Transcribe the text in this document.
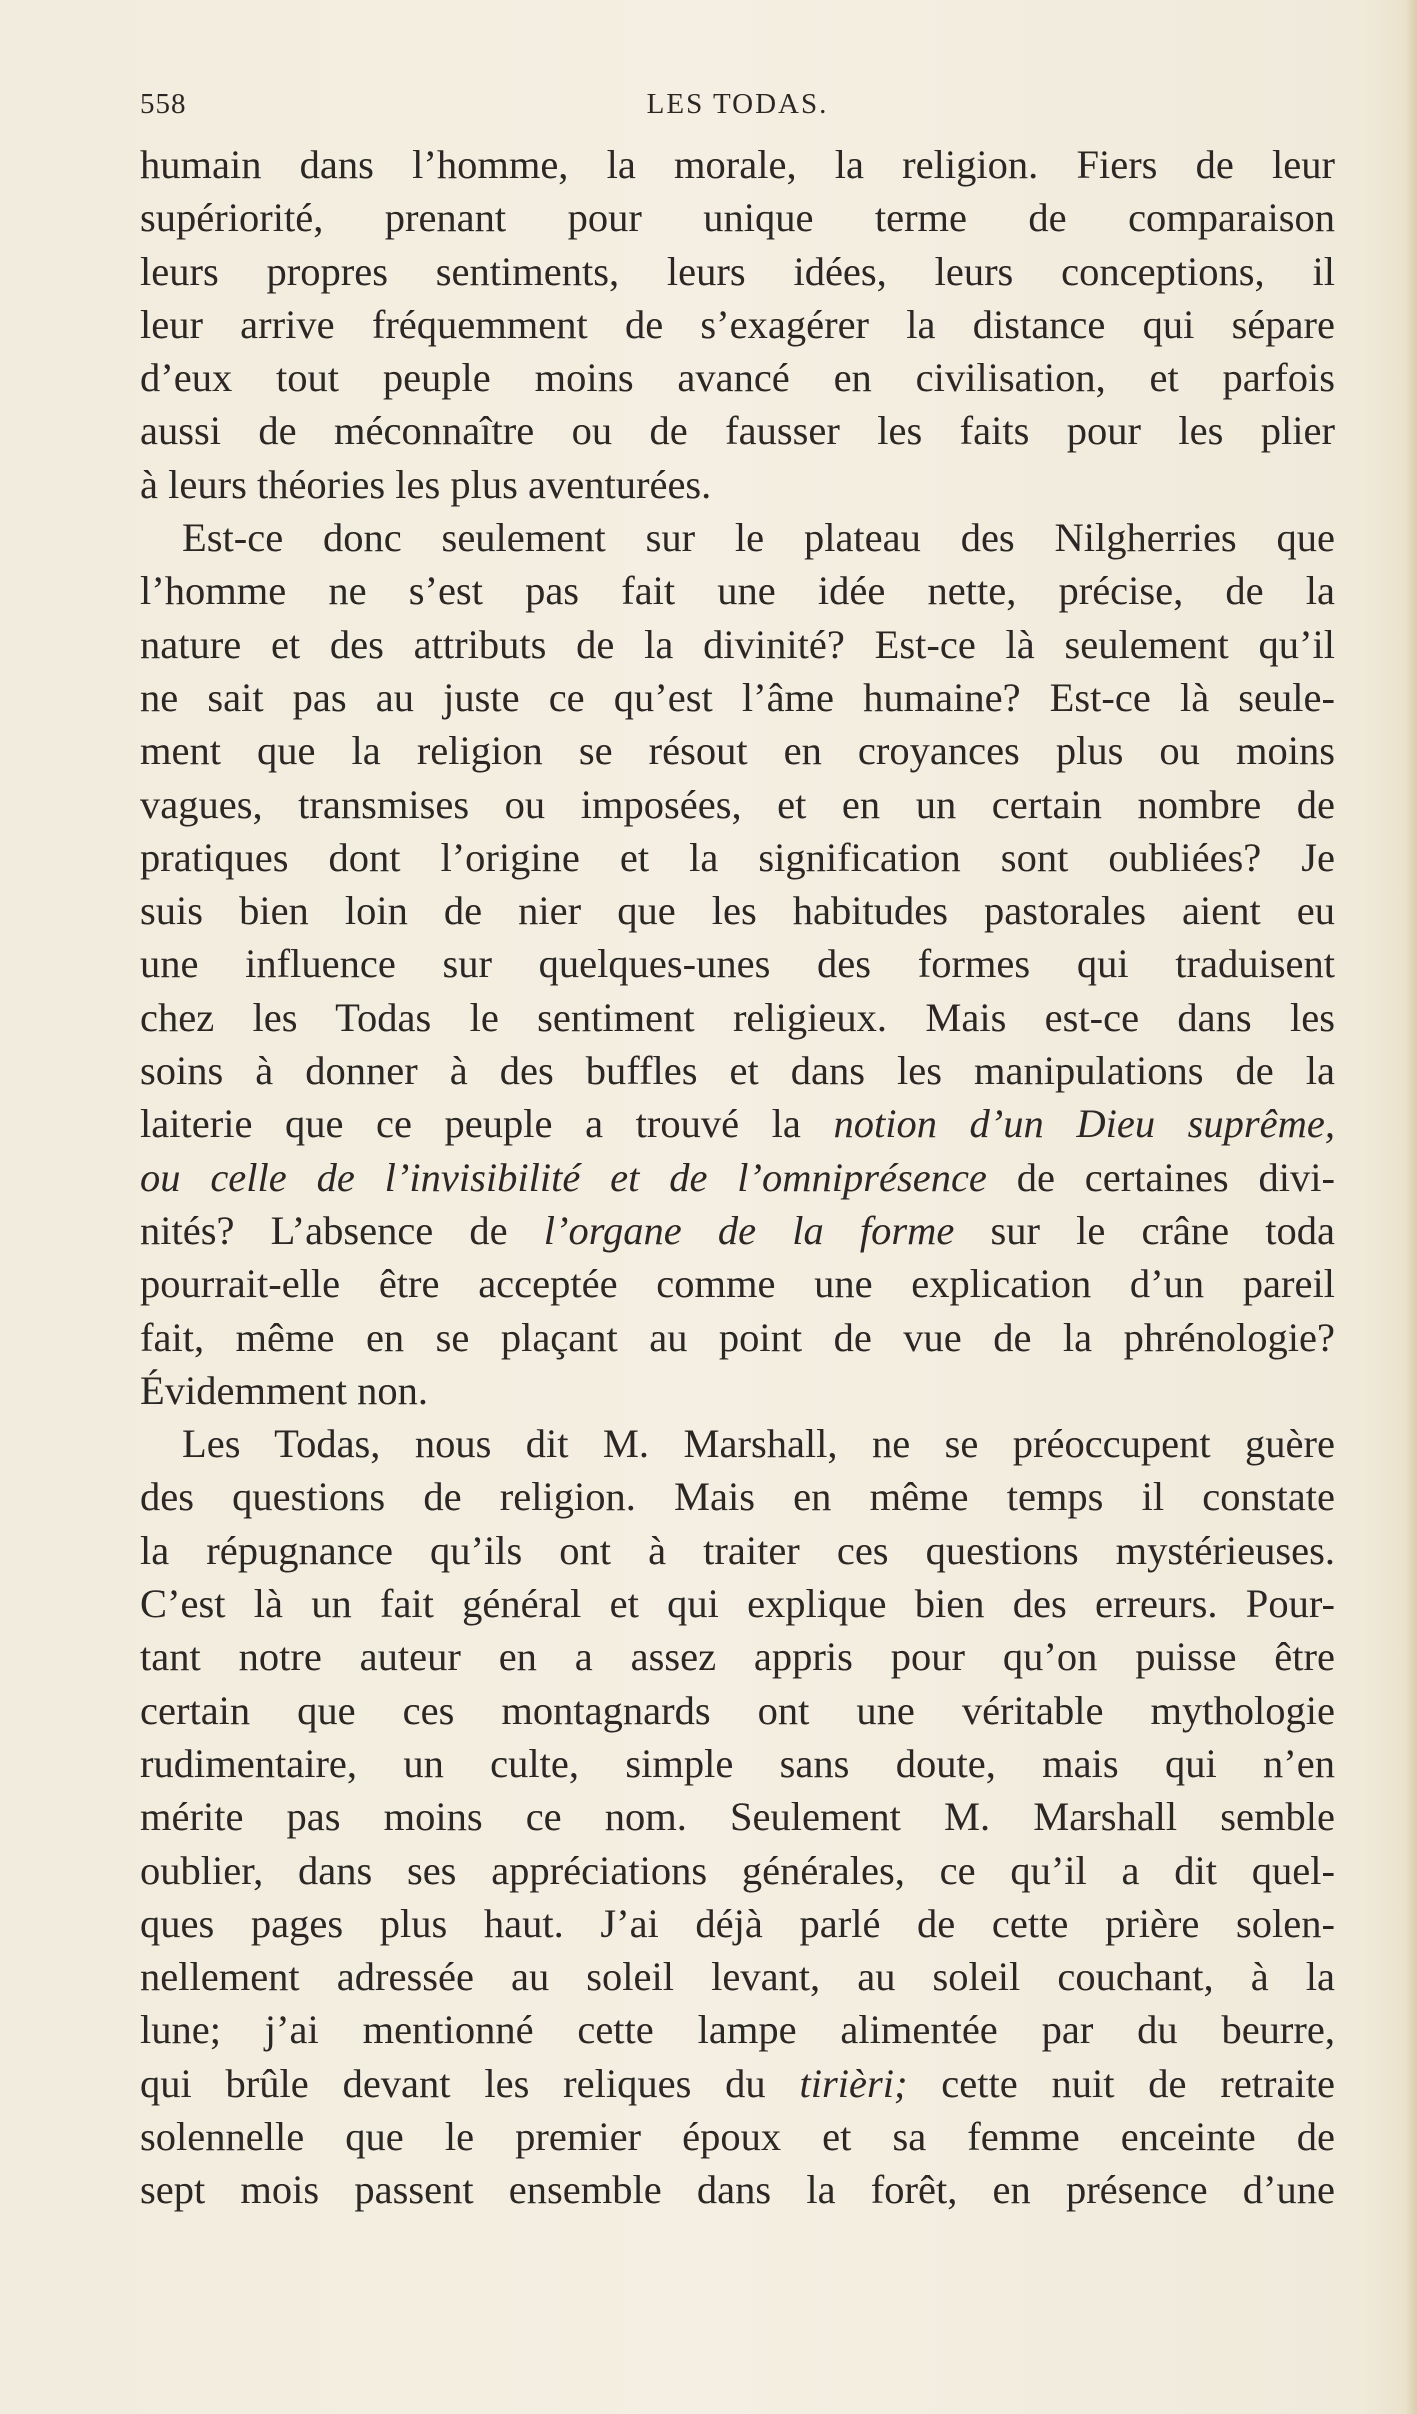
LES TODAS.
558
humain dans l’homme, la morale, la religion. Fiers de leur
supériorité, prenant pour unique terme de comparaison
leurs propres sentiments, leurs idées, leurs conceptions, il
leur arrive fréquemment de s’exagérer la distance qui sépare
d’eux tout peuple moins avancé en civilisation, et parfois
aussi de méconnaître ou de fausser les faits pour les plier
à leurs théories les plus aventurées.
Est-ce donc seulement sur le plateau des Nilgherries que
l’homme ne s’est pas fait une idée nette, précise, de la
nature et des attributs de la divinité? Est-ce là seulement qu’il
ne sait pas au juste ce qu’est l’âme humaine? Est-ce là seule-
ment que la religion se résout en croyances plus ou moins
vagues, transmises ou imposées, et en un certain nombre de
pratiques dont l’origine et la signification sont oubliées? Je
suis bien loin de nier que les habitudes pastorales aient eu
une influence sur quelques-unes des formes qui traduisent
chez les Todas le sentiment religieux. Mais est-ce dans les
soins à donner à des buffles et dans les manipulations de la
laiterie que ce peuple a trouvé la notion d’un Dieu suprême,
ou celle de l’invisibilité et de l’omniprésence de certaines divi-
nités? L’absence de l’organe de la forme sur le crâne toda
pourrait-elle être acceptée comme une explication d’un pareil
fait, même en se plaçant au point de vue de la phrénologie?
Évidemment non.
Les Todas, nous dit M. Marshall, ne se préoccupent guère
des questions de religion. Mais en même temps il constate
la répugnance qu’ils ont à traiter ces questions mystérieuses.
C’est là un fait général et qui explique bien des erreurs. Pour-
tant notre auteur en a assez appris pour qu’on puisse être
certain que ces montagnards ont une véritable mythologie
rudimentaire, un culte, simple sans doute, mais qui n’en
mérite pas moins ce nom. Seulement M. Marshall semble
oublier, dans ses appréciations générales, ce qu’il a dit quel-
ques pages plus haut. J’ai déjà parlé de cette prière solen-
nellement adressée au soleil levant, au soleil couchant, à la
lune; j’ai mentionné cette lampe alimentée par du beurre,
qui brûle devant les reliques du tirièri; cette nuit de retraite
solennelle que le premier époux et sa femme enceinte de
sept mois passent ensemble dans la forêt, en présence d’une
